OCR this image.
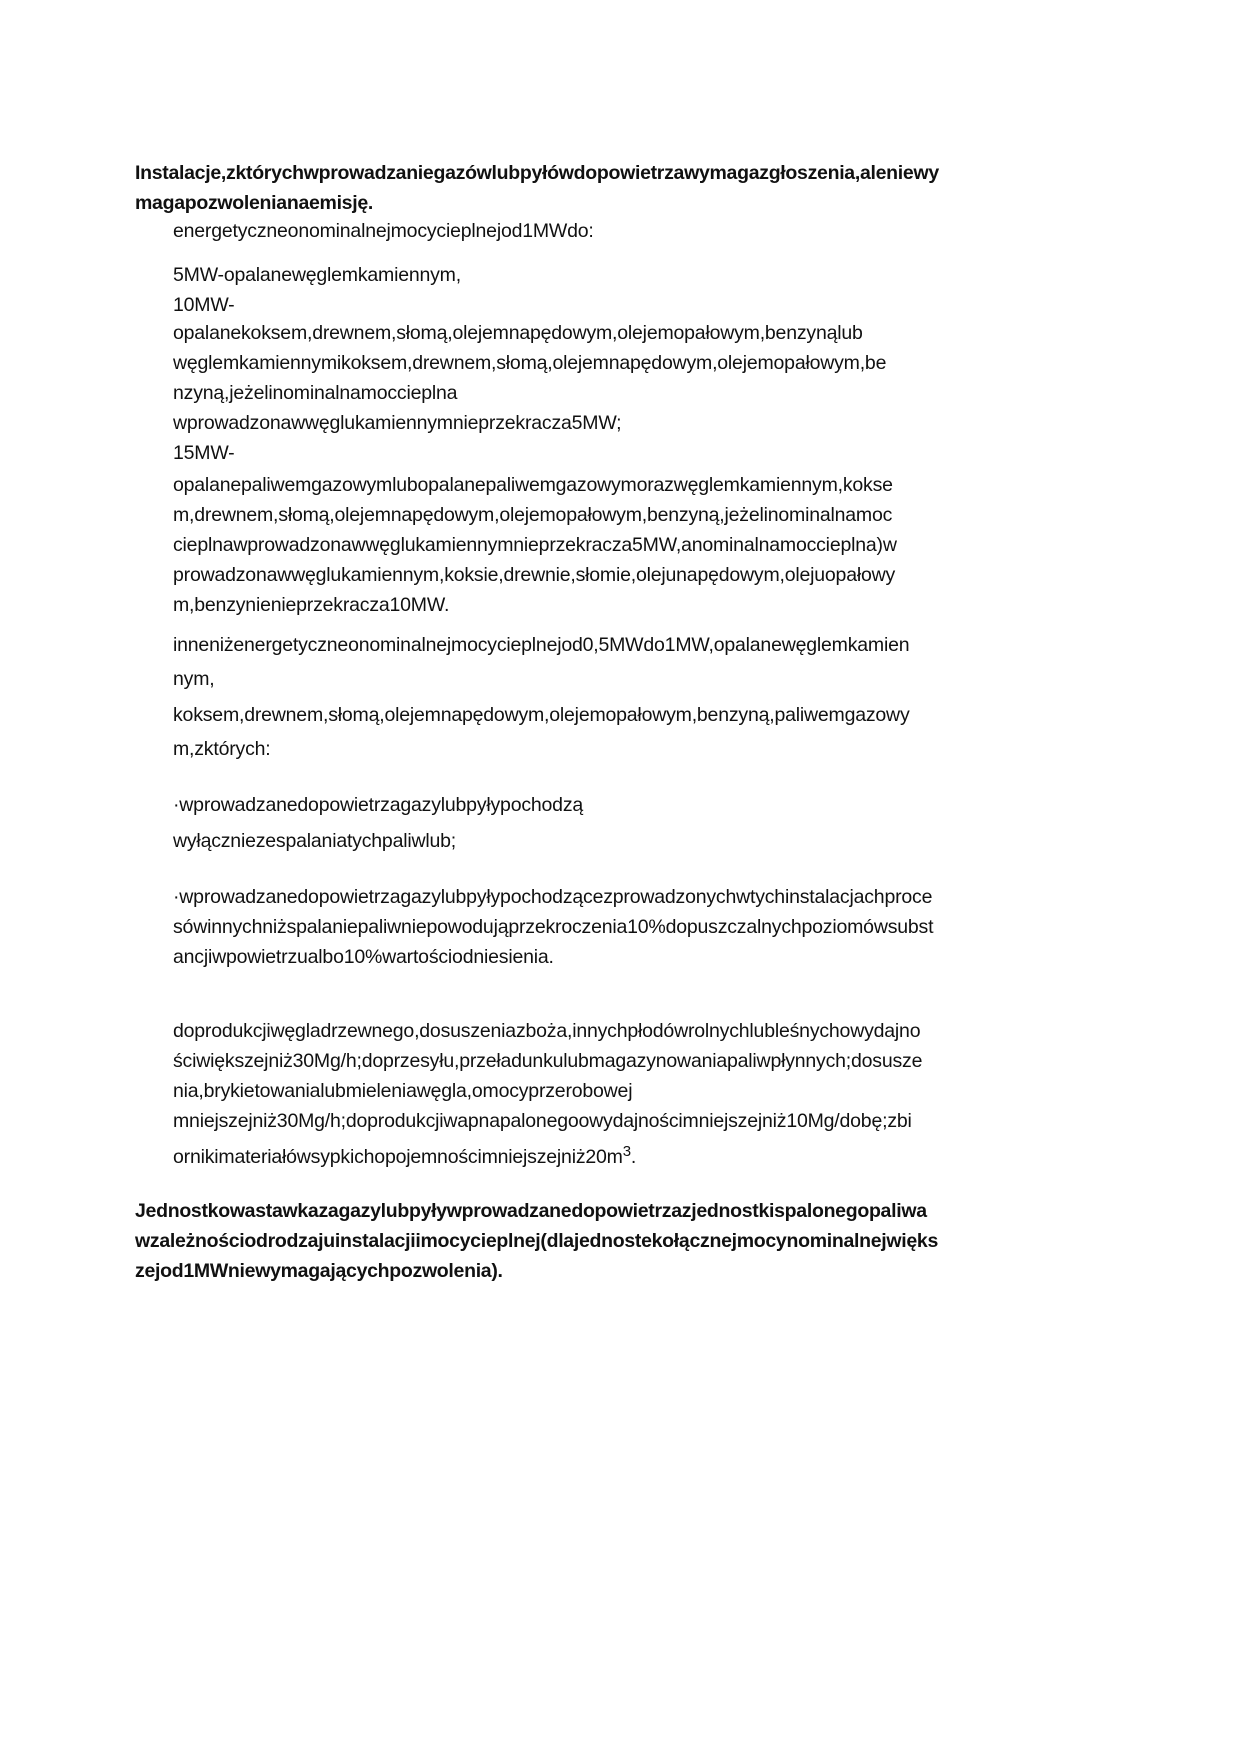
Instalacje,zktórychwprowadzaniegazówlubpyłówdopowietrzawymagazgłoszenia,aleniewy
magapozwolenianaemisję.
energetyczneonominalnejmocycieplnejod1MWdo:
5MW-opalanewęglemkamiennym,
10MW-
opalanekoksem,drewnem,słomą,olejemnapędowym,olejemopałowym,benzynąlub
węglemkamiennymikoksem,drewnem,słomą,olejemnapędowym,olejemopałowym,be
nzyną,jeżelinominalnamoccieplna
wprowadzonawwęglukamiennymnieprzekracza5MW;
15MW-
opalanepaliwemgazowymlubopalanepaliwemgazowymorazwęglemkamiennym,kokse
m,drewnem,słomą,olejemnapędowym,olejemopałowym,benzyną,jeżelinominalnamoc
cieplnawprowadzonawwęglukamiennymnieprzekracza5MW,anominalnamoccieplna)w
prowadzonawwęglukamiennym,koksie,drewnie,słomie,olejunapędowym,olejuopałowy
m,benzynienieprzekracza10MW.
inneniżenergetyczneonominalnejmocycieplnejod0,5MWdo1MW,opalanewęglemkamien
nym,
koksem,drewnem,słomą,olejemnapędowym,olejemopałowym,benzyną,paliwemgazowy
m,zktórych:
·wprowadzanedopowietrzagazylubpyłypochodzą
wyłączniezespalaniatychpaliwlub;
·wprowadzanedopowietrzagazylubpyłypochodzącezprowadzonychwtychinstalacjachproce
sówinnychniżspalaniepaliwniepowodująprzekroczenia10%dopuszczalnychpoziomówsubst
ancjiwpowietrzualbo10%wartościodniesienia.
doprodukcjiwęgladrzewnego,dosuszeniazboża,innychpłodówrolnychlubleśnychowydajno
ściwiększejniż30Mg/h;doprzesyłu,przeładunkulubmagazynowaniapaliwpłynnych;dosusze
nia,brykietowanialubmieleniawęgla,omocyprzerobowej
mniejszejniż30Mg/h;doprodukcjiwapnapalonegoowydajnościmniejszejniż10Mg/dobę;zbi
$ornikimateriałówsypkichopojemnościmniejszejniż20m^3$.
Jednostkowastawkazagazylubpyływprowadzanedopowietrzazjednostkispalonegopaliwa
wzależnościodrodzajuinstalacjiimocycieplnej(dlajednostekołącznejmocynominalnejwięks
zejod1MWniewymagającychpozwolenia).
